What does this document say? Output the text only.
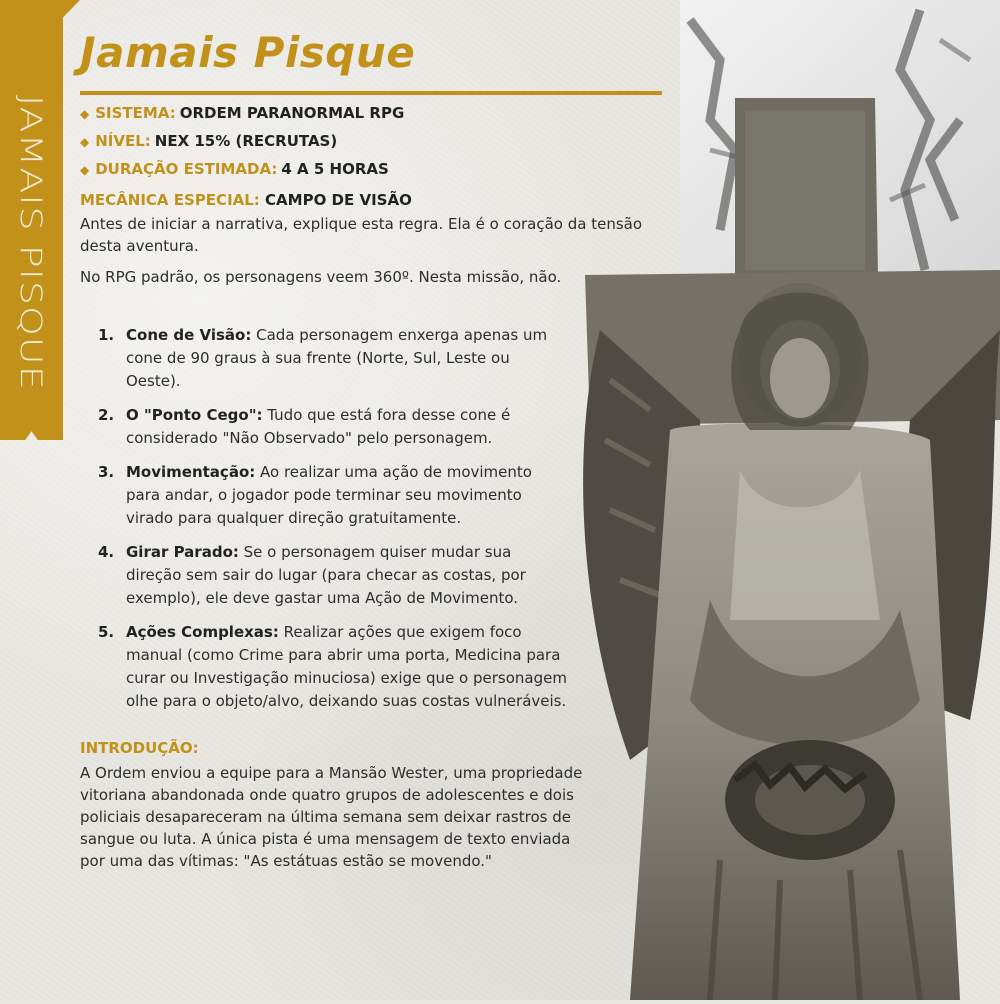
JAMAIS PISQUE
Jamais Pisque
◆ SISTEMA: ORDEM PARANORMAL RPG
◆ NÍVEL: NEX 15% (RECRUTAS)
◆ DURAÇÃO ESTIMADA: 4 A 5 HORAS
MECÂNICA ESPECIAL: CAMPO DE VISÃO
Antes de iniciar a narrativa, explique esta regra. Ela é o coração da tensão desta aventura.
No RPG padrão, os personagens veem 360º. Nesta missão, não.
1. Cone de Visão: Cada personagem enxerga apenas um cone de 90 graus à sua frente (Norte, Sul, Leste ou Oeste).
2. O "Ponto Cego": Tudo que está fora desse cone é considerado "Não Observado" pelo personagem.
3. Movimentação: Ao realizar uma ação de movimento para andar, o jogador pode terminar seu movimento virado para qualquer direção gratuitamente.
4. Girar Parado: Se o personagem quiser mudar sua direção sem sair do lugar (para checar as costas, por exemplo), ele deve gastar uma Ação de Movimento.
5. Ações Complexas: Realizar ações que exigem foco manual (como Crime para abrir uma porta, Medicina para curar ou Investigação minuciosa) exige que o personagem olhe para o objeto/alvo, deixando suas costas vulneráveis.
INTRODUÇÃO:
A Ordem enviou a equipe para a Mansão Wester, uma propriedade vitoriana abandonada onde quatro grupos de adolescentes e dois policiais desapareceram na última semana sem deixar rastros de sangue ou luta. A única pista é uma mensagem de texto enviada por uma das vítimas: "As estátuas estão se movendo."
